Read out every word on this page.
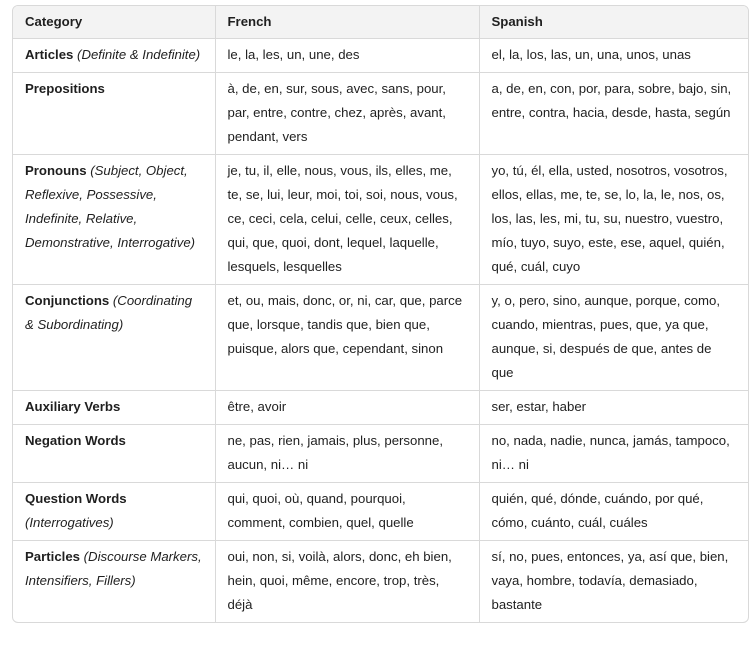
Category	French	Spanish
Articles (Definite & Indefinite)	le, la, les, un, une, des	el, la, los, las, un, una, unos, unas
Prepositions	à, de, en, sur, sous, avec, sans, pour, par, entre, contre, chez, après, avant, pendant, vers	a, de, en, con, por, para, sobre, bajo, sin, entre, contra, hacia, desde, hasta, según
Pronouns (Subject, Object, Reflexive, Possessive, Indefinite, Relative, Demonstrative, Interrogative)	je, tu, il, elle, nous, vous, ils, elles, me, te, se, lui, leur, moi, toi, soi, nous, vous, ce, ceci, cela, celui, celle, ceux, celles, qui, que, quoi, dont, lequel, laquelle, lesquels, lesquelles	yo, tú, él, ella, usted, nosotros, vosotros, ellos, ellas, me, te, se, lo, la, le, nos, os, los, las, les, mi, tu, su, nuestro, vuestro, mío, tuyo, suyo, este, ese, aquel, quién, qué, cuál, cuyo
Conjunctions (Coordinating & Subordinating)	et, ou, mais, donc, or, ni, car, que, parce que, lorsque, tandis que, bien que, puisque, alors que, cependant, sinon	y, o, pero, sino, aunque, porque, como, cuando, mientras, pues, que, ya que, aunque, si, después de que, antes de que
Auxiliary Verbs	être, avoir	ser, estar, haber
Negation Words	ne, pas, rien, jamais, plus, personne, aucun, ni… ni	no, nada, nadie, nunca, jamás, tampoco, ni… ni
Question Words (Interrogatives)	qui, quoi, où, quand, pourquoi, comment, combien, quel, quelle	quién, qué, dónde, cuándo, por qué, cómo, cuánto, cuál, cuáles
Particles (Discourse Markers, Intensifiers, Fillers)	oui, non, si, voilà, alors, donc, eh bien, hein, quoi, même, encore, trop, très, déjà	sí, no, pues, entonces, ya, así que, bien, vaya, hombre, todavía, demasiado, bastante
